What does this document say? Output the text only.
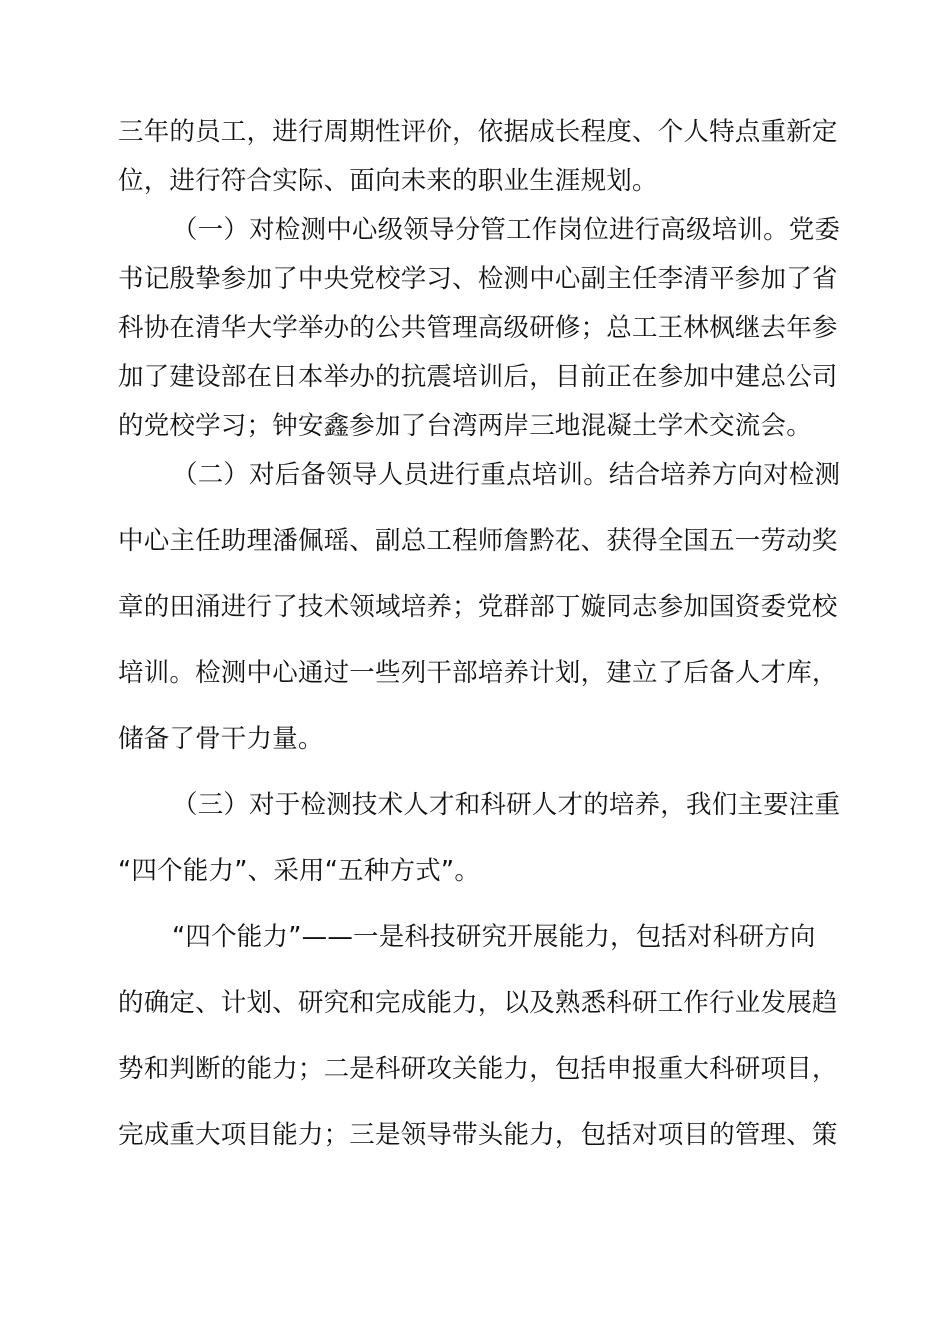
三年的员工，进行周期性评价，依据成长程度、个人特点重新定
位，进行符合实际、面向未来的职业生涯规划。
（一）对检测中心级领导分管工作岗位进行高级培训。党委
书记殷挚参加了中央党校学习、检测中心副主任李清平参加了省
科协在清华大学举办的公共管理高级研修；总工王林枫继去年参
加了建设部在日本举办的抗震培训后，目前正在参加中建总公司
的党校学习；钟安鑫参加了台湾两岸三地混凝土学术交流会。
（二）对后备领导人员进行重点培训。结合培养方向对检测
中心主任助理潘佩瑶、副总工程师詹黔花、获得全国五一劳动奖
章的田涌进行了技术领域培养；党群部丁嫙同志参加国资委党校
培训。检测中心通过一些列干部培养计划，建立了后备人才库，
储备了骨干力量。
（三）对于检测技术人才和科研人才的培养，我们主要注重
“四个能力”、采用“五种方式”。
“四个能力”——一是科技研究开展能力，包括对科研方向
的确定、计划、研究和完成能力，以及熟悉科研工作行业发展趋
势和判断的能力；二是科研攻关能力，包括申报重大科研项目，
完成重大项目能力；三是领导带头能力，包括对项目的管理、策
